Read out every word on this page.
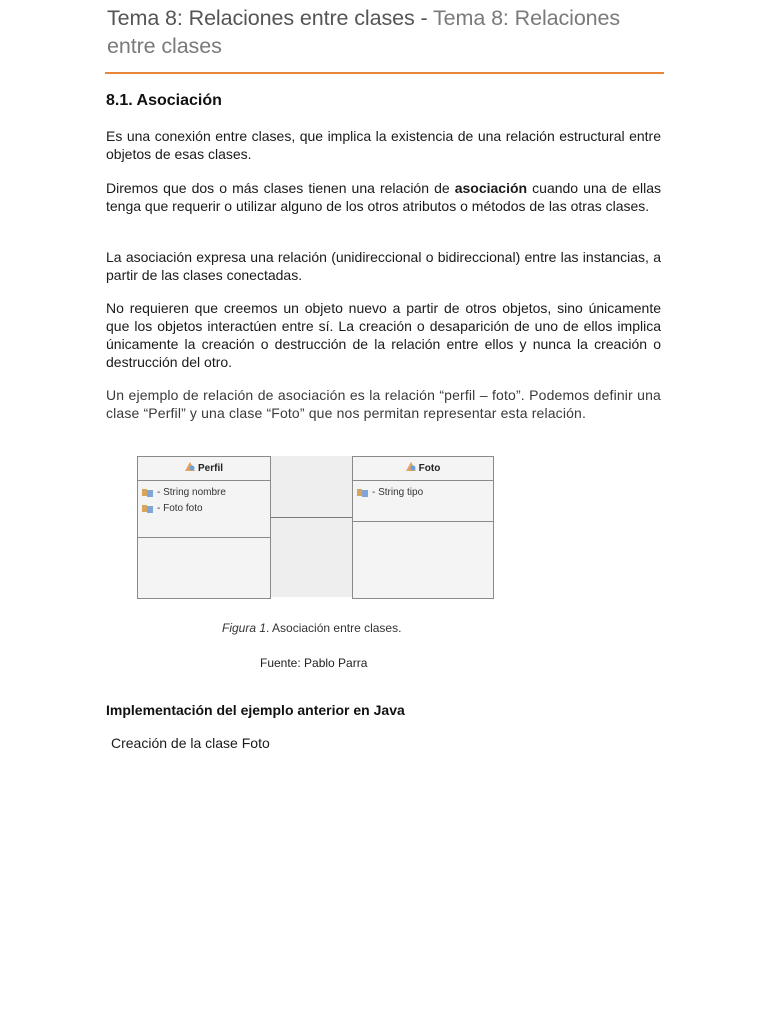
Tema 8: Relaciones entre clases - Tema 8: Relaciones
entre clases
8.1. Asociación

Es una conexión entre clases, que implica la existencia de una relación estructural entre objetos de esas clases.

Diremos que dos o más clases tienen una relación de asociación cuando una de ellas tenga que requerir o utilizar alguno de los otros atributos o métodos de las otras clases.

La asociación expresa una relación (unidireccional o bidireccional) entre las instancias, a partir de las clases conectadas.

No requieren que creemos un objeto nuevo a partir de otros objetos, sino únicamente que los objetos interactúen entre sí. La creación o desaparición de uno de ellos implica únicamente la creación o destrucción de la relación entre ellos y nunca la creación o destrucción del otro.

Un ejemplo de relación de asociación es la relación “perfil – foto”. Podemos definir una clase “Perfil” y una clase “Foto” que nos permitan representar esta relación.

Perfil
- String nombre
- Foto foto
Foto
- String tipo
Figura 1. Asociación entre clases.
Fuente: Pablo Parra
Implementación del ejemplo anterior en Java

Creación de la clase Foto
